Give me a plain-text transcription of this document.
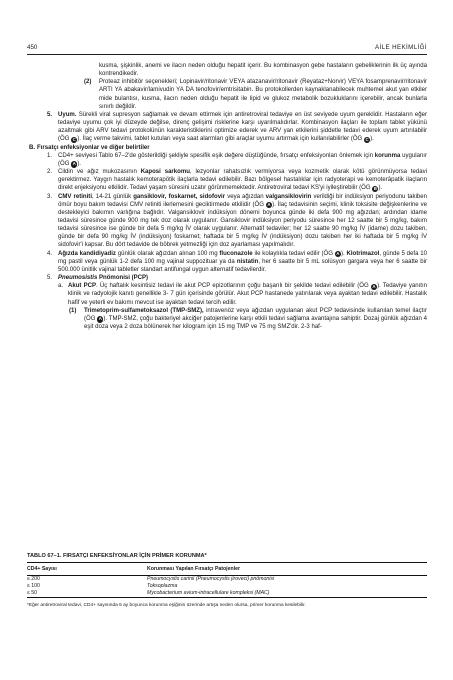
450	AİLE HEKİMLİĞİ

kusma, şişkinlik, anemi ve ilacın neden olduğu hepatit içerir. Bu kombinasyon gebe hastaların gebeliklerinin ilk üç ayında kontrendikedir.

(2) Proteaz inhibitör seçenekleri; Lopinavir/ritonavir VEYA atazanavir/ritonavir (Reyataz+Norvir) VEYA fosamprenavir/ritonavir ARTI YA abakavir/lamivudin YA DA tenofovir/emtrisitabin. Bu protokollerden kaynaklanabilecek muhtemel akut yan etkiler mide bulantısı, kusma, ilacın neden olduğu hepatit ile lipid ve glukoz metabolik bozukluklarını içerebilir, ancak bunlarla sınırlı değildir.

5. Uyum. Sürekli viral supresyon sağlamak ve devam ettirmek için antiretroviral tedaviye en üst seviyede uyum gereklidir. Hastaların eğer tedaviye uyumu çok iyi düzeyde değilse, direnç gelişimi risklerine karşı uyarılmalıdırlar. Kombinasyon ilaçları ile toplam tablet yükünü azaltmak gibi ARV tedavi protokolünün karakteristiklerini optimize ederek ve ARV yan etkilerini şiddetle tedavi ederek uyum artırılabilir (ÖG C ). İlaç verme takvimi, tablet kutuları veya saat alarmları gibi araçlar uyumu artırmak için kullanılabilirler (ÖG C ).

B. Fırsatçı enfeksiyonlar ve diğer belirtiler

1. CD4+ seviyesi Tablo 67–2'de gösterildiği şekliyle spesifik eşik değere düştüğünde, fırsatçı enfeksiyonları önlemek için korunma uygulanır (ÖG A ).

2. Cildin ve ağız mukozasının Kaposi sarkomu, lezyonlar rahatsızlık vermiyorsa veya kozmetik olarak kötü görünmüyorsa tedavi gerektirmez. Yaygın hastalık kemoterapötik ilaçlarla tedavi edilebilir. Bazı bölgesel hastalıklar için radyoterapi ve kemoterâpatik ilaçların direkt enjeksiyonu etkilidir. Tedavi yaşam süresini uzatır görünmemektedir. Antiretroviral tedavi KS'yi iyileştirebilir (ÖG B ).

3. CMV retiniti, 14-21 günlük gansiklovir, foskarnet, sidofovir veya ağızdan valgansiklovirin verildiği bir indüksiyon periyodunu takiben ömür boyu bakım tedavisi CMV retiniti ilerlemesini geciktirmede etkilidir (ÖG A ). İlaç tedavisinin seçimi, klinik toksisite değişkenlerine ve destekleyici bakımın varlığına bağlıdır. Valgansiklovir indüksiyon dönemi boyunca günde iki defa 900 mg ağızdan; ardından idame tedavisi süresince günde 900 mg tek doz olarak uygulanır. Gansiklovir indüksiyon periyodu süresince her 12 saatte bir 5 mg/kg, bakım tedavisi süresince ise günde bir defa 5 mg/kg İV olarak uygulanır. Alternatif tedaviler; her 12 saatte 90 mg/kg İV (idame) dozu takiben, günde bir defa 90 mg/kg İV (indüksiyon) foskarnet; haftada bir 5 mg/kg İV (indüksiyon) dozu takiben her iki haftada bir 5 mg/kg İV sidofovir'i kapsar. Bu dört tedavide de böbrek yetmezliği için doz ayarlaması yapılmalıdır.

4. Ağızda kandidiyadiz günlük olarak ağızdan alınan 100 mg fluconazole ile kolaylıkla tedavi edilir (ÖG A ). Klotrimazol, günde 5 defa 10 mg pastil veya günlük 1-2 defa 100 mg vajinal suppozituar ya da nistatin, her 6 saatte bir 5 mL solüsyon gargara veya her 6 saatte bir 500.000 ünitlik vajinal tabletler standart antifungal uygun alternatif tedavilerdir.

5. Pneumosistis Pnömonisi (PCP)

a. Akut PCP. Üç haftalık kesintisiz tedavi ile akut PCP epizotlarının çoğu başarılı bir şekilde tedavi edilebilir (ÖG A ). Tedaviye yanıtın klinik ve radyolojik kanıtı genellikle 3- 7 gün içerisinde görülür. Akut PCP hastanede yatırılarak veya ayaktan tedavi edilebilir. Hastalık hafif ve yeterli ev bakımı mevcut ise ayaktan tedavi tercih edilir.

(1) Trimetoprim-sulfametoksazol (TMP-SMZ), intravenöz veya ağızdan uygulanan akut PCP tedavisinde kullanılan temel ilaçtır (ÖG A ). TMP-SMZ, çoğu bakteriyel akciğer patojenlerine karşı etkili tedavi sağlama avantajına sahiptir. Dozaj günlük ağızdan 4 eşit doza veya 2 doza bölünerek her kilogram için 15 mg TMP ve 75 mg SMZ'dir. 2-3 haf-

TABLO 67–1. FIRSATÇI ENFEKSİYONLAR İÇİN PRİMER KORUNMA*
CD4+ Sayısı	Korunması Yapılan Fırsatçı Patojenler
≤ 200	Pneumocystis carinii (Pneumocystis jiroveci) pnömonisi
≤ 100	Toksoplazma
≤ 50	Mycobacterium avium-intracellulare kompleksi (MAC)
*Eğer antiretroviral tedavi, CD4+ sayısında 6 ay boyunca korunma eşiğinin üzerinde artışa neden olursa, primer korunma kesilebilir.
